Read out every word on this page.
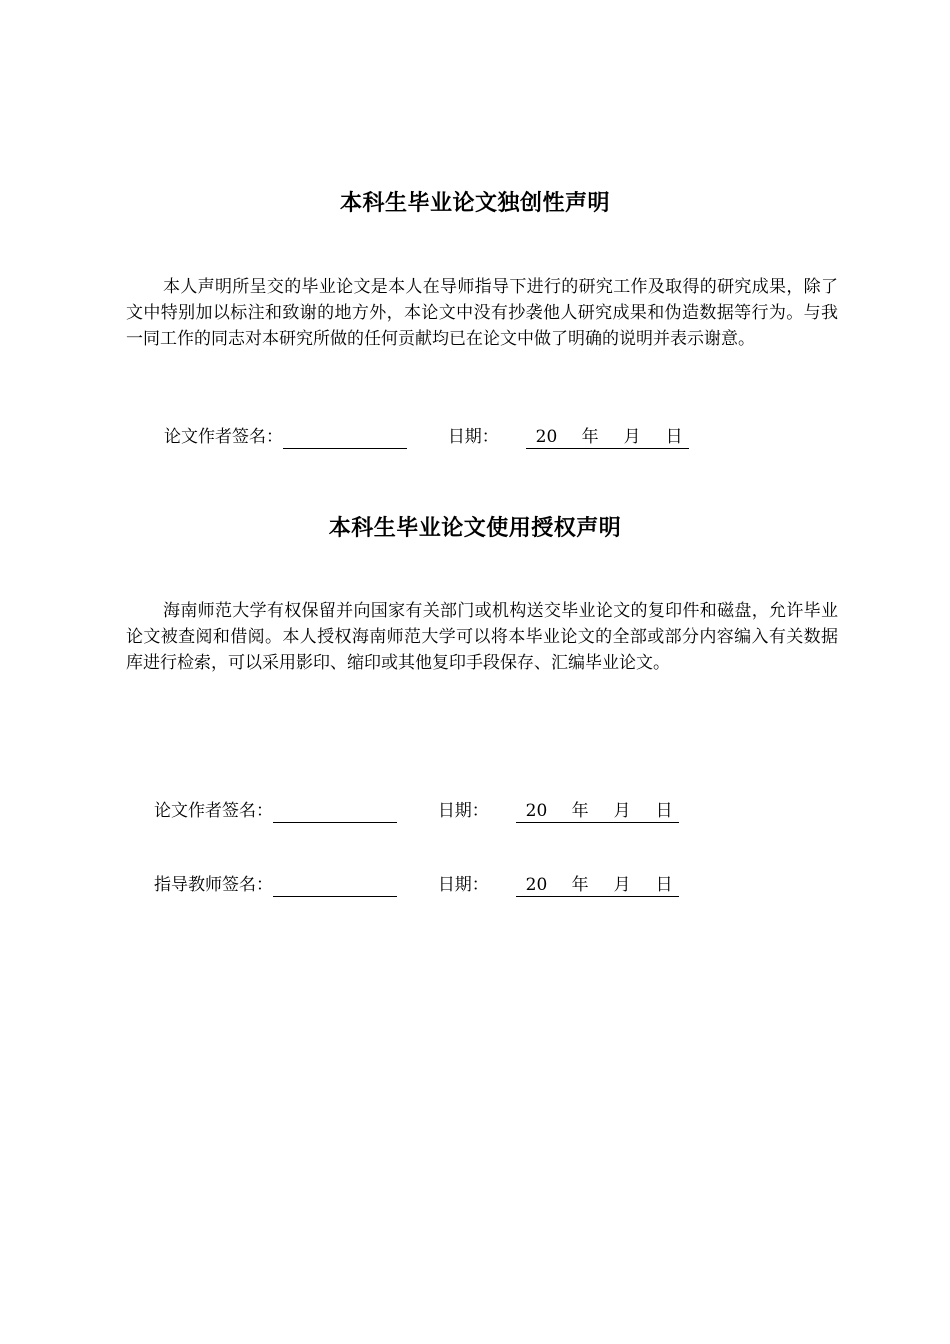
本科生毕业论文独创性声明

本人声明所呈交的毕业论文是本人在导师指导下进行的研究工作及取得的研究成果，除了文中特别加以标注和致谢的地方外，本论文中没有抄袭他人研究成果和伪造数据等行为。与我一同工作的同志对本研究所做的任何贡献均已在论文中做了明确的说明并表示谢意。

论文作者签名：	日期： 20 年 月 日
本科生毕业论文使用授权声明

海南师范大学有权保留并向国家有关部门或机构送交毕业论文的复印件和磁盘，允许毕业论文被查阅和借阅。本人授权海南师范大学可以将本毕业论文的全部或部分内容编入有关数据库进行检索，可以采用影印、缩印或其他复印手段保存、汇编毕业论文。

论文作者签名：	日期： 20 年 月 日
指导教师签名：	日期： 20 年 月 日
